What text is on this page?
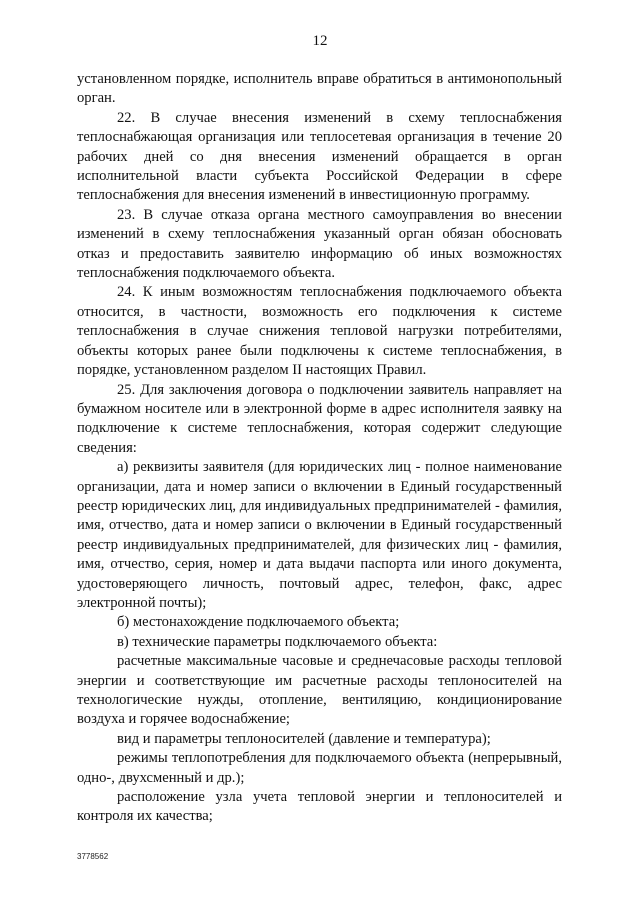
12

установленном порядке, исполнитель вправе обратиться в антимонопольный орган.

22. В случае внесения изменений в схему теплоснабжения теплоснабжающая организация или теплосетевая организация в течение 20 рабочих дней со дня внесения изменений обращается в орган исполнительной власти субъекта Российской Федерации в сфере теплоснабжения для внесения изменений в инвестиционную программу.

23. В случае отказа органа местного самоуправления во внесении изменений в схему теплоснабжения указанный орган обязан обосновать отказ и предоставить заявителю информацию об иных возможностях теплоснабжения подключаемого объекта.

24. К иным возможностям теплоснабжения подключаемого объекта относится, в частности, возможность его подключения к системе теплоснабжения в случае снижения тепловой нагрузки потребителями, объекты которых ранее были подключены к системе теплоснабжения, в порядке, установленном разделом II настоящих Правил.

25. Для заключения договора о подключении заявитель направляет на бумажном носителе или в электронной форме в адрес исполнителя заявку на подключение к системе теплоснабжения, которая содержит следующие сведения:

а) реквизиты заявителя (для юридических лиц - полное наименование организации, дата и номер записи о включении в Единый государственный реестр юридических лиц, для индивидуальных предпринимателей - фамилия, имя, отчество, дата и номер записи о включении в Единый государственный реестр индивидуальных предпринимателей, для физических лиц - фамилия, имя, отчество, серия, номер и дата выдачи паспорта или иного документа, удостоверяющего личность, почтовый адрес, телефон, факс, адрес электронной почты);

б) местонахождение подключаемого объекта;

в) технические параметры подключаемого объекта:

расчетные максимальные часовые и среднечасовые расходы тепловой энергии и соответствующие им расчетные расходы теплоносителей на технологические нужды, отопление, вентиляцию, кондиционирование воздуха и горячее водоснабжение;

вид и параметры теплоносителей (давление и температура);

режимы теплопотребления для подключаемого объекта (непрерывный, одно-, двухсменный и др.);

расположение узла учета тепловой энергии и теплоносителей и контроля их качества;

3778562
